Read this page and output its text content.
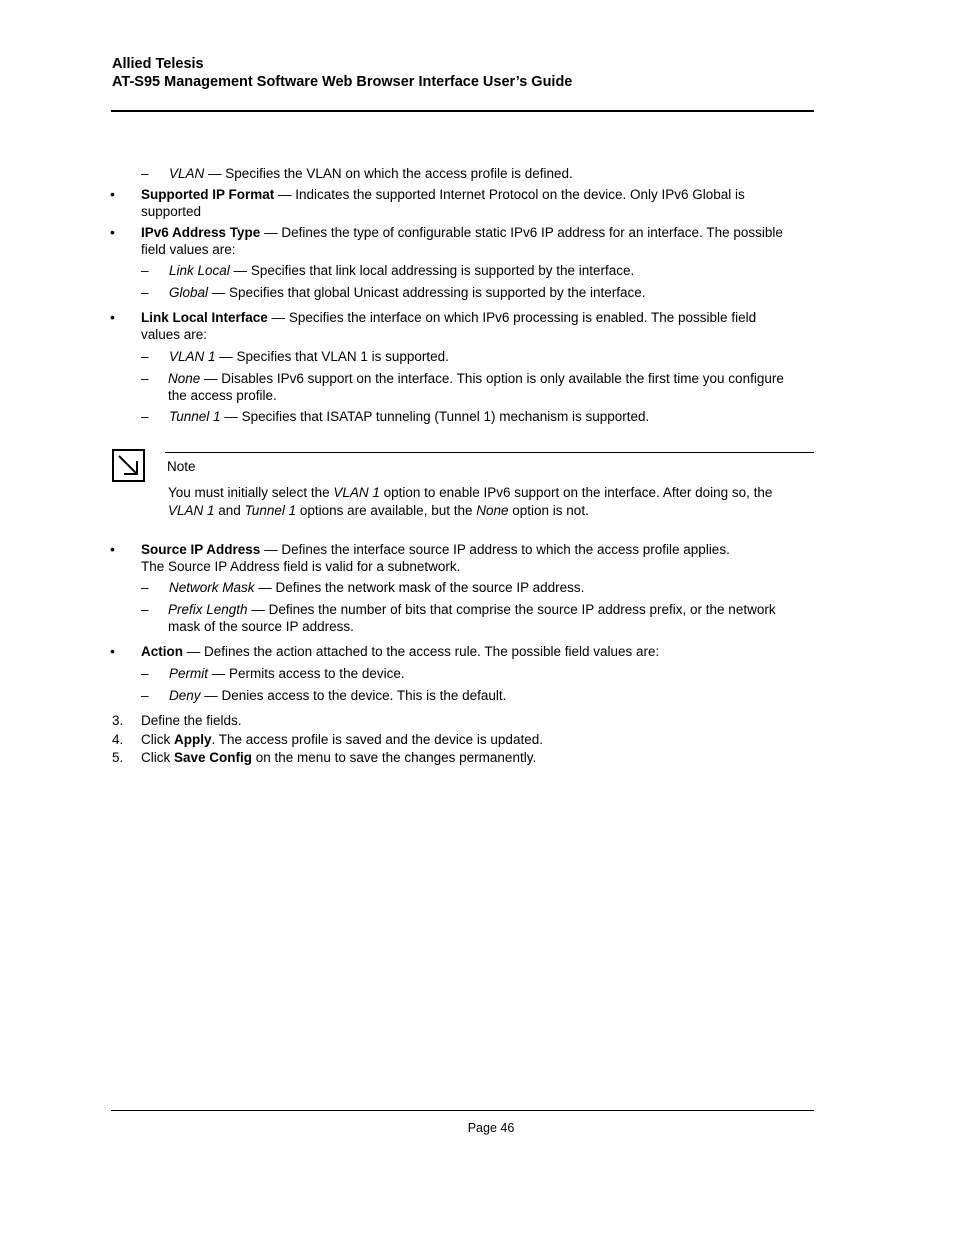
Allied Telesis
AT-S95 Management Software Web Browser Interface User’s Guide
– VLAN — Specifies the VLAN on which the access profile is defined.
• Supported IP Format — Indicates the supported Internet Protocol on the device. Only IPv6 Global is
supported
• IPv6 Address Type — Defines the type of configurable static IPv6 IP address for an interface. The possible
field values are:
– Link Local — Specifies that link local addressing is supported by the interface.
– Global — Specifies that global Unicast addressing is supported by the interface.
• Link Local Interface — Specifies the interface on which IPv6 processing is enabled. The possible field
values are:
– VLAN 1 — Specifies that VLAN 1 is supported.
– None — Disables IPv6 support on the interface. This option is only available the first time you configure
the access profile.
– Tunnel 1 — Specifies that ISATAP tunneling (Tunnel 1) mechanism is supported.
Note
You must initially select the VLAN 1 option to enable IPv6 support on the interface. After doing so, the
VLAN 1 and Tunnel 1 options are available, but the None option is not.
• Source IP Address — Defines the interface source IP address to which the access profile applies.
The Source IP Address field is valid for a subnetwork.
– Network Mask — Defines the network mask of the source IP address.
– Prefix Length — Defines the number of bits that comprise the source IP address prefix, or the network
mask of the source IP address.
• Action — Defines the action attached to the access rule. The possible field values are:
– Permit — Permits access to the device.
– Deny — Denies access to the device. This is the default.
3. Define the fields.
4. Click Apply. The access profile is saved and the device is updated.
5. Click Save Config on the menu to save the changes permanently.
Page 46
